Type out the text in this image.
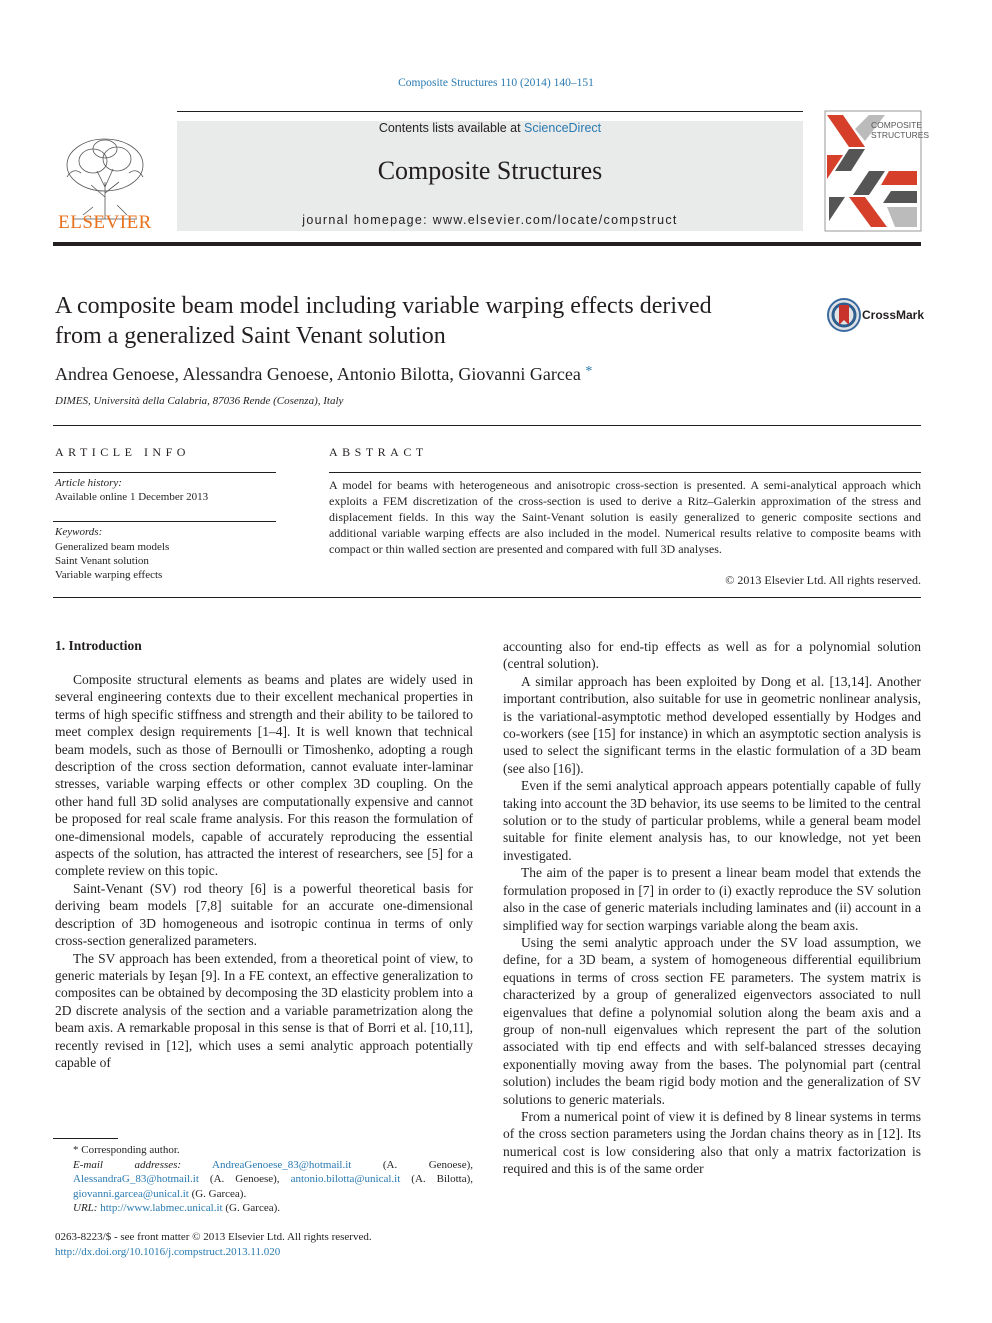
Composite Structures 110 (2014) 140–151
ELSEVIER
Contents lists available at ScienceDirect
Composite Structures
journal homepage: www.elsevier.com/locate/compstruct
COMPOSITE
STRUCTURES
A composite beam model including variable warping effects derived
from a generalized Saint Venant solution
CrossMark
Andrea Genoese, Alessandra Genoese, Antonio Bilotta, Giovanni Garcea *
DIMES, Università della Calabria, 87036 Rende (Cosenza), Italy
ARTICLE INFO	ABSTRACT
Article history:
Available online 1 December 2013
Keywords:
Generalized beam models
Saint Venant solution
Variable warping effects
A model for beams with heterogeneous and anisotropic cross-section is presented. A semi-analytical approach which exploits a FEM discretization of the cross-section is used to derive a Ritz–Galerkin approximation of the stress and displacement fields. In this way the Saint-Venant solution is easily generalized to generic composite sections and additional variable warping effects are also included in the model. Numerical results relative to composite beams with compact or thin walled section are presented and compared with full 3D analyses.
© 2013 Elsevier Ltd. All rights reserved.
1. Introduction

Composite structural elements as beams and plates are widely used in several engineering contexts due to their excellent mechanical properties in terms of high specific stiffness and strength and their ability to be tailored to meet complex design requirements [1–4]. It is well known that technical beam models, such as those of Bernoulli or Timoshenko, adopting a rough description of the cross section deformation, cannot evaluate inter-laminar stresses, variable warping effects or other complex 3D coupling. On the other hand full 3D solid analyses are computationally expensive and cannot be proposed for real scale frame analysis. For this reason the formulation of one-dimensional models, capable of accurately reproducing the essential aspects of the solution, has attracted the interest of researchers, see [5] for a complete review on this topic.

Saint-Venant (SV) rod theory [6] is a powerful theoretical basis for deriving beam models [7,8] suitable for an accurate one-dimensional description of 3D homogeneous and isotropic continua in terms of only cross-section generalized parameters.

The SV approach has been extended, from a theoretical point of view, to generic materials by Ieşan [9]. In a FE context, an effective generalization to composites can be obtained by decomposing the 3D elasticity problem into a 2D discrete analysis of the section and a variable parametrization along the beam axis. A remarkable proposal in this sense is that of Borri et al. [10,11], recently revised in [12], which uses a semi analytic approach potentially capable of

accounting also for end-tip effects as well as for a polynomial solution (central solution).

A similar approach has been exploited by Dong et al. [13,14]. Another important contribution, also suitable for use in geometric nonlinear analysis, is the variational-asymptotic method developed essentially by Hodges and co-workers (see [15] for instance) in which an asymptotic section analysis is used to select the significant terms in the elastic formulation of a 3D beam (see also [16]).

Even if the semi analytical approach appears potentially capable of fully taking into account the 3D behavior, its use seems to be limited to the central solution or to the study of particular problems, while a general beam model suitable for finite element analysis has, to our knowledge, not yet been investigated.

The aim of the paper is to present a linear beam model that extends the formulation proposed in [7] in order to (i) exactly reproduce the SV solution also in the case of generic materials including laminates and (ii) account in a simplified way for section warpings variable along the beam axis.

Using the semi analytic approach under the SV load assumption, we define, for a 3D beam, a system of homogeneous differential equilibrium equations in terms of cross section FE parameters. The system matrix is characterized by a group of generalized eigenvectors associated to null eigenvalues that define a polynomial solution along the beam axis and a group of non-null eigenvalues which represent the part of the solution associated with tip end effects and with self-balanced stresses decaying exponentially moving away from the bases. The polynomial part (central solution) includes the beam rigid body motion and the generalization of SV solutions to generic materials.

From a numerical point of view it is defined by 8 linear systems in terms of the cross section parameters using the Jordan chains theory as in [12]. Its numerical cost is low considering also that only a matrix factorization is required and this is of the same order

* Corresponding author.
E-mail addresses:	AndreaGenoese_83@hotmail.it	(A. Genoese), AlessandraG_83@hotmail.it (A. Genoese), antonio.bilotta@unical.it (A. Bilotta), giovanni.garcea@unical.it (G. Garcea).
URL: http://www.labmec.unical.it (G. Garcea).
0263-8223/$ - see front matter © 2013 Elsevier Ltd. All rights reserved.
http://dx.doi.org/10.1016/j.compstruct.2013.11.020
